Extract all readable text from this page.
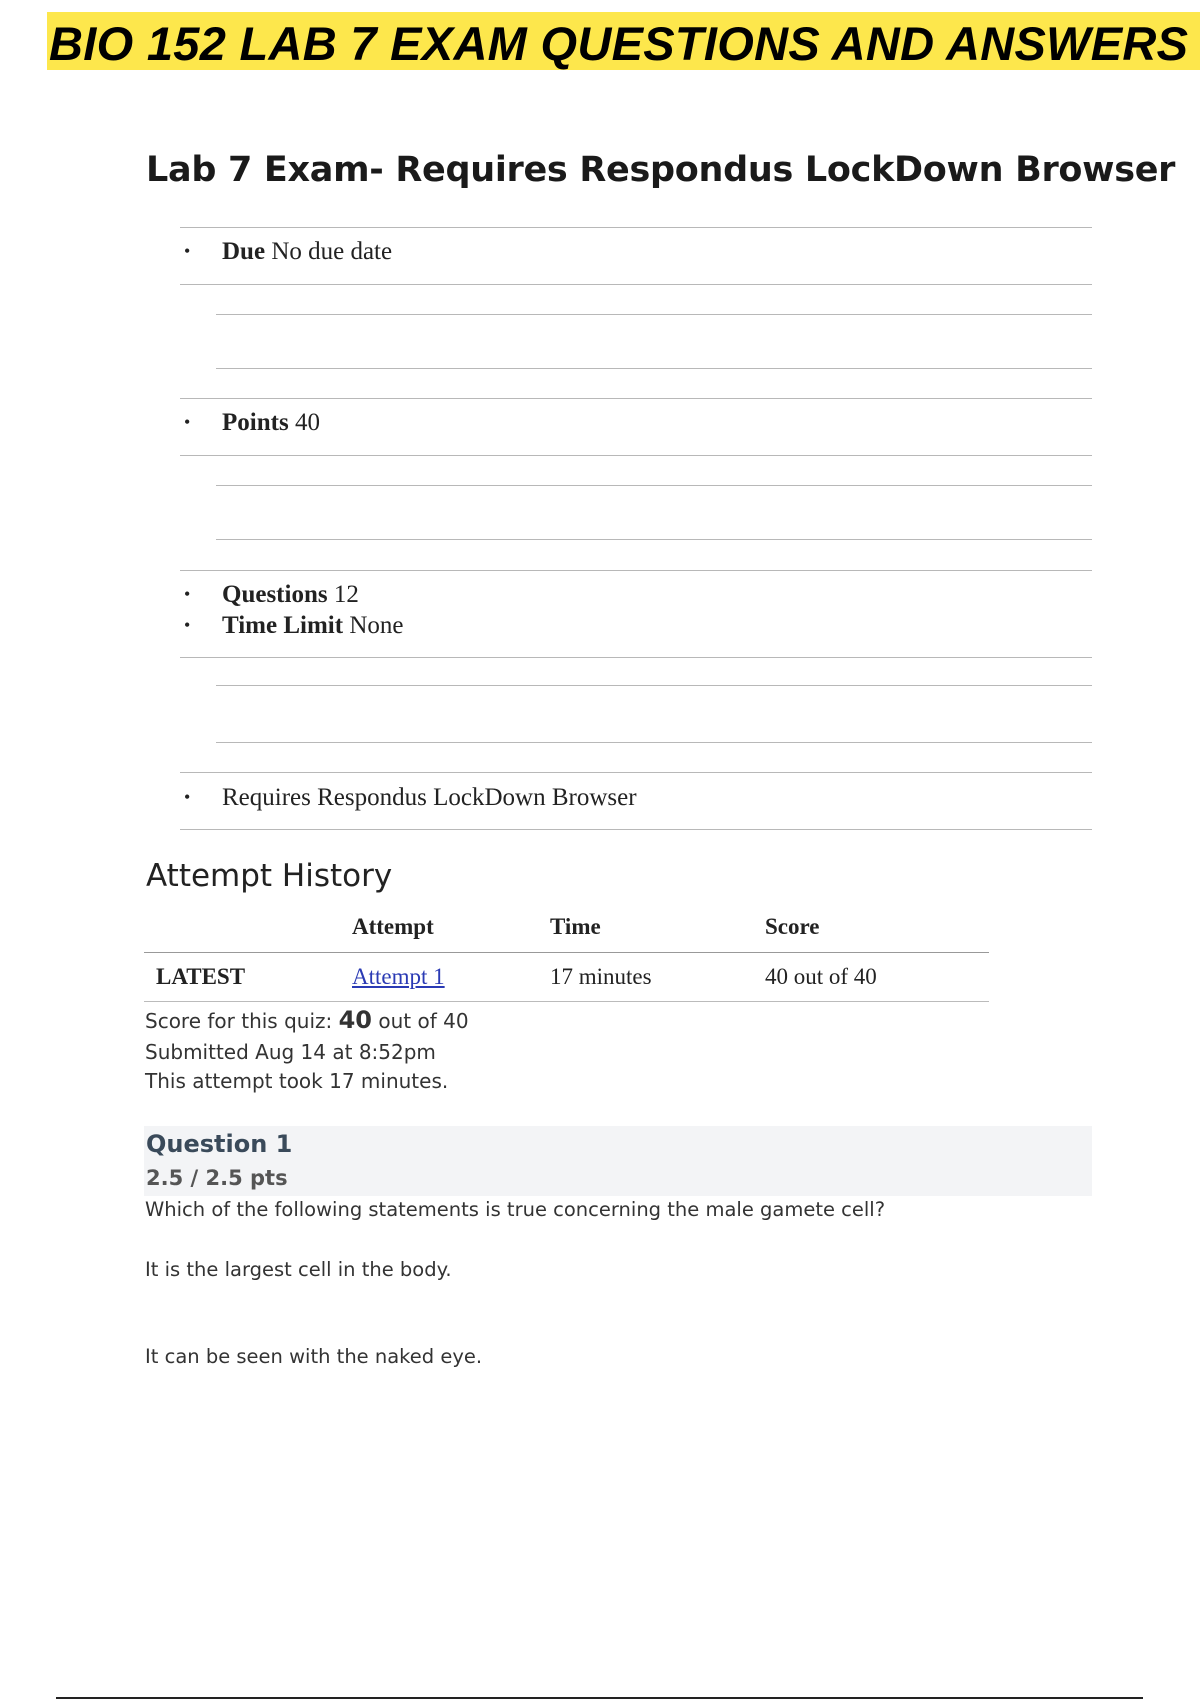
BIO 152 LAB 7 EXAM QUESTIONS AND ANSWERS
Lab 7 Exam- Requires Respondus LockDown Browser
• Due No due date
• Points 40
• Questions 12
• Time Limit None
• Requires Respondus LockDown Browser
Attempt History
	Attempt	Time	Score
LATEST	Attempt 1	17 minutes	40 out of 40
Score for this quiz: 40 out of 40
Submitted Aug 14 at 8:52pm
This attempt took 17 minutes.
Question 1
2.5 / 2.5 pts
Which of the following statements is true concerning the male gamete cell?
It is the largest cell in the body.
It can be seen with the naked eye.
